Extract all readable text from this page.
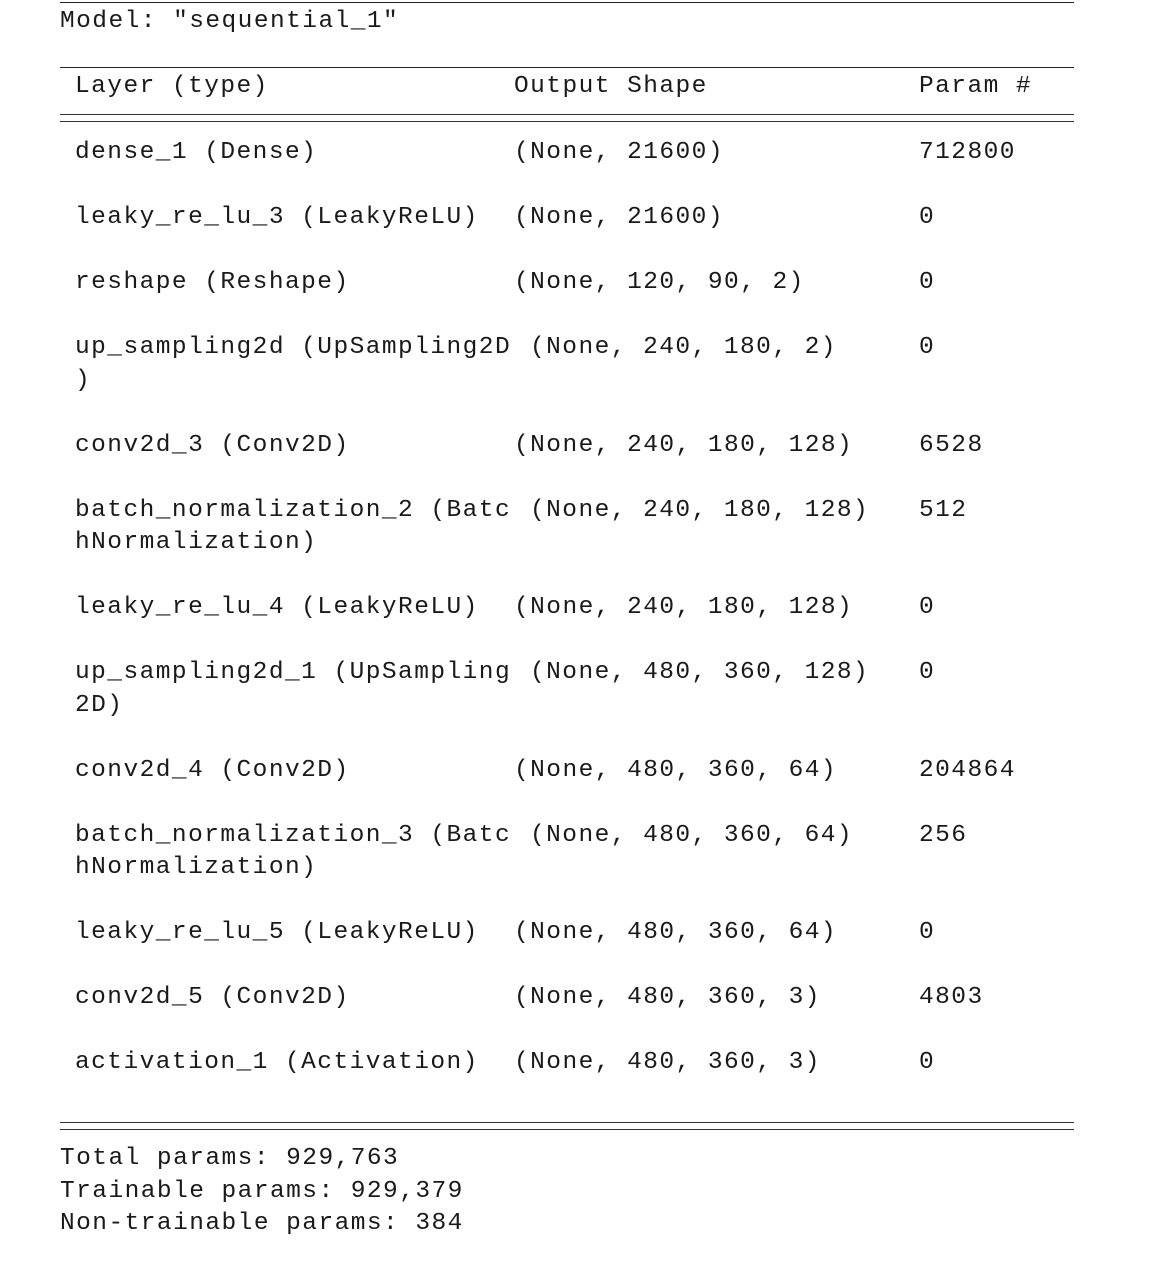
Model: "sequential_1"
Layer (type)	Output Shape	Param #
dense_1 (Dense)	(None, 21600)	712800
leaky_re_lu_3 (LeakyReLU) (None, 21600)	0
reshape (Reshape)	(None, 120, 90, 2)	0
up_sampling2d (UpSampling2D
)
(None, 240, 180, 2)	0
conv2d_3 (Conv2D)	(None, 240, 180, 128)	6528
batch_normalization_2 (Batc
hNormalization)
(None, 240, 180, 128) 512
leaky_re_lu_4 (LeakyReLU) (None, 240, 180, 128)	0
up_sampling2d_1 (UpSampling
2D)
(None, 480, 360, 128) 0
conv2d_4 (Conv2D)	(None, 480, 360, 64)	204864
batch_normalization_3 (Batc
hNormalization)
(None, 480, 360, 64)	256
leaky_re_lu_5 (LeakyReLU) (None, 480, 360, 64)	0
conv2d_5 (Conv2D)	(None, 480, 360, 3)	4803
activation_1 (Activation) (None, 480, 360, 3)	0
Total params: 929,763
Trainable params: 929,379
Non-trainable params: 384
